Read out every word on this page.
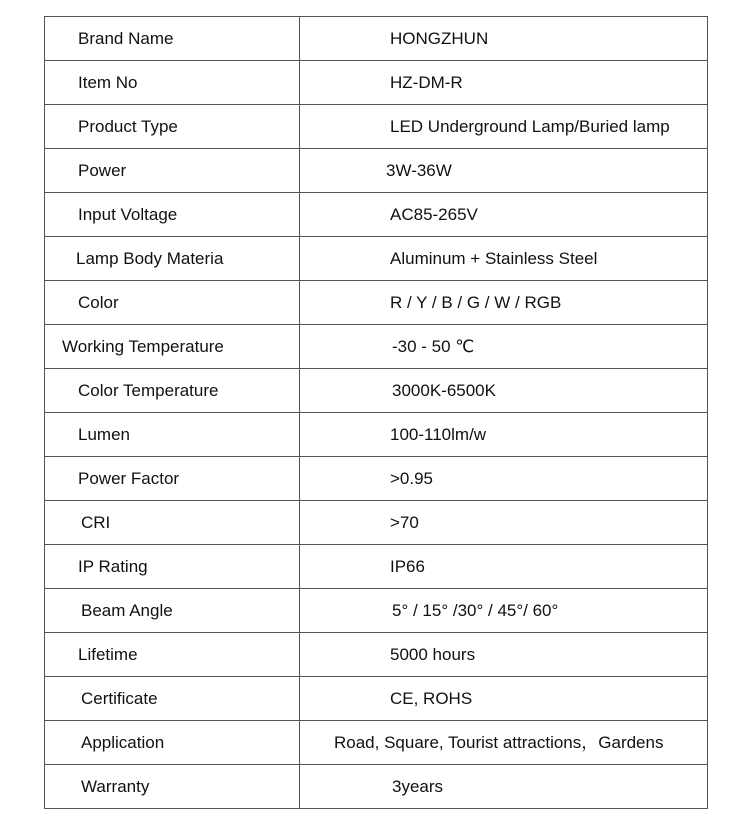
Brand Name	HONGZHUN
Item No	HZ-DM-R
Product Type	LED Underground Lamp/Buried lamp
Power	3W-36W
Input Voltage	AC85-265V
Lamp Body Materia	Aluminum + Stainless Steel
Color	R / Y / B / G / W / RGB
Working Temperature	-30 - 50 ℃
Color Temperature	3000K-6500K
Lumen	100-110lm/w
Power Factor	>0.95
CRI	>70
IP Rating	IP66
Beam Angle	5° / 15° /30° / 45°/ 60°
Lifetime	5000 hours
Certificate	CE, ROHS
Application	Road, Square, Tourist attractions，Gardens
Warranty	3years
